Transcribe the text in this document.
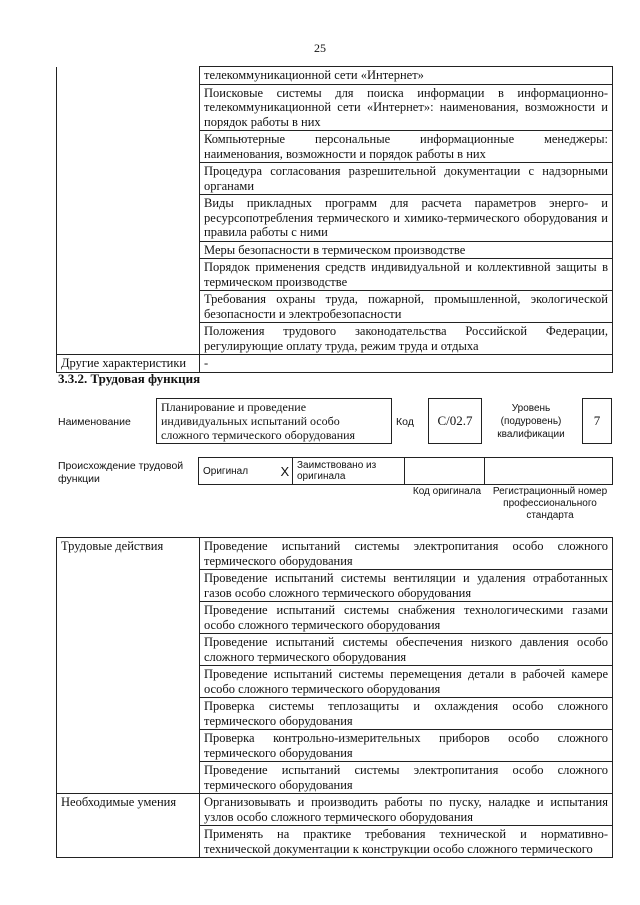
25
	телекоммуникационной сети «Интернет»
	Поисковые системы для поиска информации в информационно-телекоммуникационной сети «Интернет»: наименования, возможности и порядок работы в них
	Компьютерные персональные информационные менеджеры: наименования, возможности и порядок работы в них
	Процедура согласования разрешительной документации с надзорными органами
	Виды прикладных программ для расчета параметров энерго- и ресурсопотребления термического и химико-термического оборудования и правила работы с ними
	Меры безопасности в термическом производстве
	Порядок применения средств индивидуальной и коллективной защиты в термическом производстве
	Требования охраны труда, пожарной, промышленной, экологической безопасности и электробезопасности
	Положения трудового законодательства Российской Федерации, регулирующие оплату труда, режим труда и отдыха
Другие характеристики	-
3.3.2. Трудовая функция
Наименование
Планирование и проведение индивидуальных испытаний особо сложного термического оборудования
Код	С/02.7
Уровень (подуровень) квалификации
7
Происхождение трудовой функции
Оригинал	Х	Заимствовано из оригинала		
Код оригинала	Регистрационный номер профессионального стандарта
Трудовые действия	Проведение испытаний системы электропитания особо сложного термического оборудования
	Проведение испытаний системы вентиляции и удаления отработанных газов особо сложного термического оборудования
	Проведение испытаний системы снабжения технологическими газами особо сложного термического оборудования
	Проведение испытаний системы обеспечения низкого давления особо сложного термического оборудования
	Проведение испытаний системы перемещения детали в рабочей камере особо сложного термического оборудования
	Проверка системы теплозащиты и охлаждения особо сложного термического оборудования
	Проверка контрольно-измерительных приборов особо сложного термического оборудования
	Проведение испытаний системы электропитания особо сложного термического оборудования
Необходимые умения	Организовывать и производить работы по пуску, наладке и испытания узлов особо сложного термического оборудования
	Применять на практике требования технической и нормативно-технической документации к конструкции особо сложного термического
